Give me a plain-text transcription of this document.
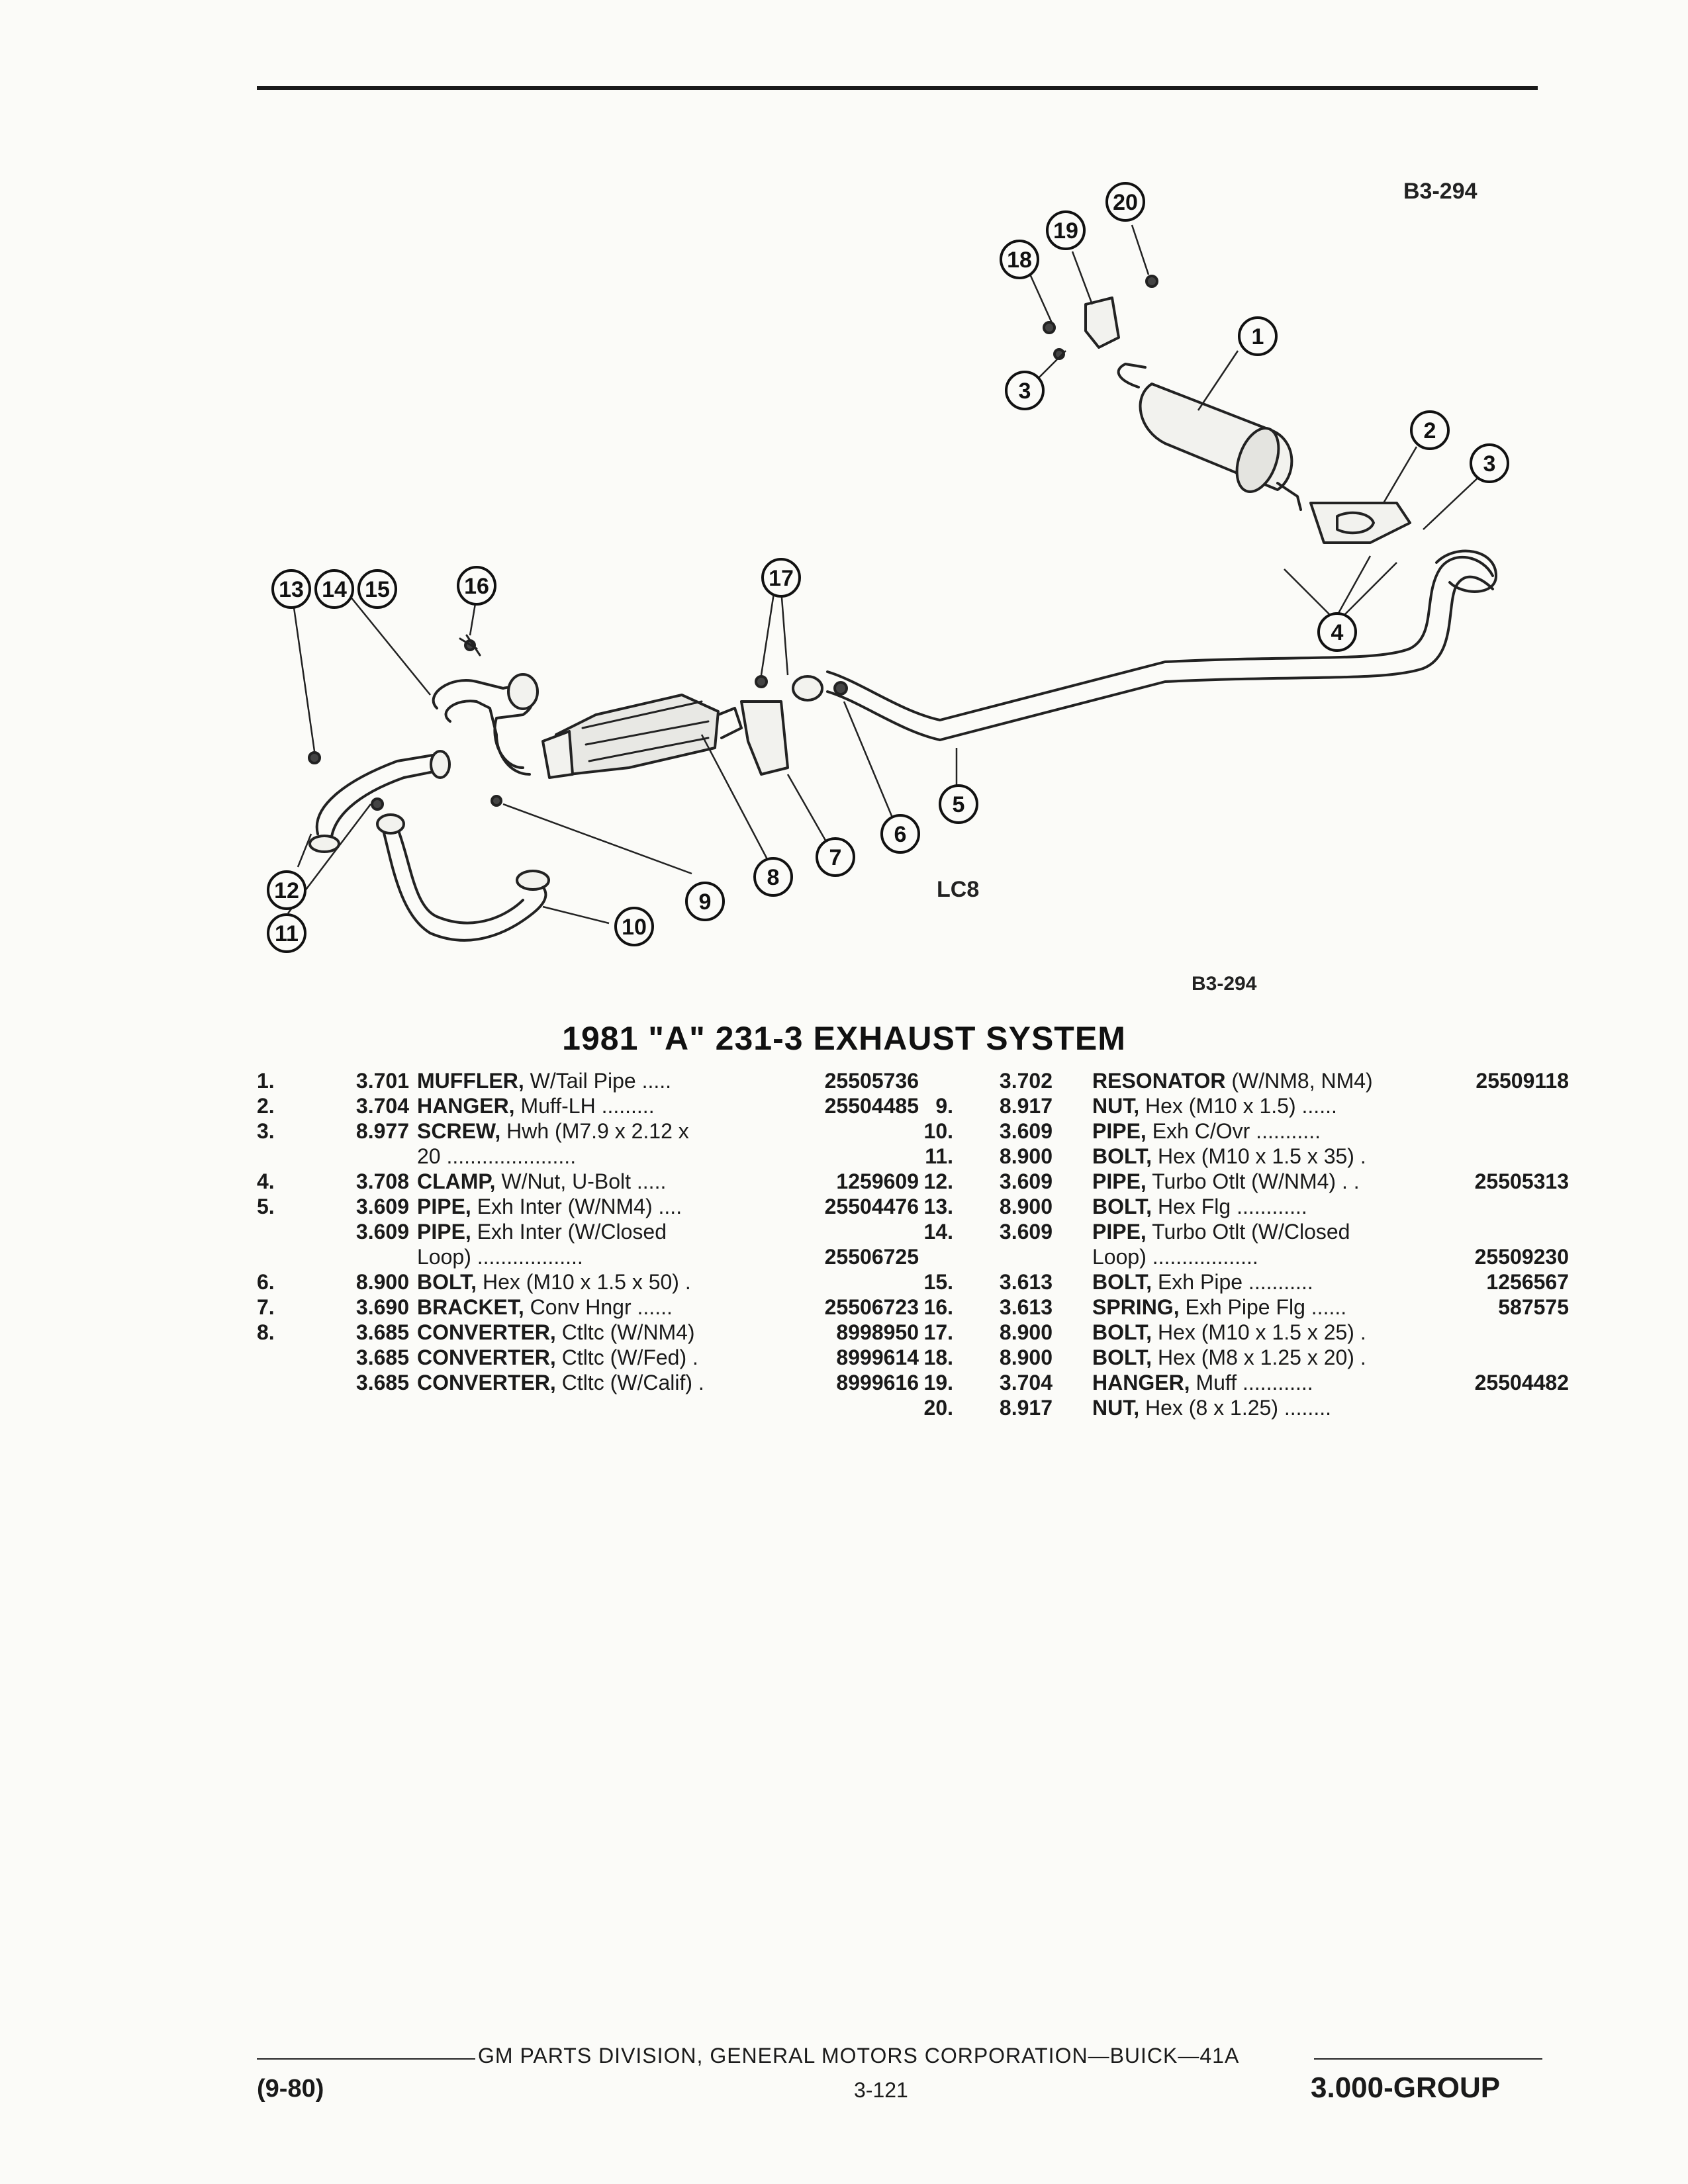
1
2
3
3
4
5
6
7
8
9
10
11
12
13 14 15	16	17
18
19
20	B3-294
LC8
B3-294
1981 "A" 231-3 EXHAUST SYSTEM
1.	3.701 MUFFLER, W/Tail Pipe .....	25505736
2.	3.704 HANGER, Muff-LH .........	25504485
3.	8.977 SCREW, Hwh (M7.9 x 2.12 x
20 ......................
4.	3.708 CLAMP, W/Nut, U-Bolt .....	1259609
5.	3.609 PIPE, Exh Inter (W/NM4) ....	25504476
3.609 PIPE, Exh Inter (W/Closed
Loop) ..................	25506725
6.	8.900 BOLT, Hex (M10 x 1.5 x 50) .
7.	3.690 BRACKET, Conv Hngr ......	25506723
8.	3.685 CONVERTER, Ctltc (W/NM4)	8998950
3.685 CONVERTER, Ctltc (W/Fed) .	8999614
3.685 CONVERTER, Ctltc (W/Calif) .	8999616
3.702 RESONATOR (W/NM8, NM4)	25509118
9.	8.917 NUT, Hex (M10 x 1.5) ......
10.	3.609 PIPE, Exh C/Ovr ...........
11.	8.900 BOLT, Hex (M10 x 1.5 x 35) .
12.	3.609 PIPE, Turbo Otlt (W/NM4) . .	25505313
13.	8.900 BOLT, Hex Flg ............
14.	3.609 PIPE, Turbo Otlt (W/Closed
Loop) ..................	25509230
15.	3.613 BOLT, Exh Pipe ...........	1256567
16.	3.613 SPRING, Exh Pipe Flg ......	587575
17.	8.900 BOLT, Hex (M10 x 1.5 x 25) .
18.	8.900 BOLT, Hex (M8 x 1.25 x 20) .
19.	3.704 HANGER, Muff ............	25504482
20.	8.917 NUT, Hex (8 x 1.25) ........
GM PARTS DIVISION, GENERAL MOTORS CORPORATION—BUICK—41A
(9-80)	3-121	3.000-GROUP
